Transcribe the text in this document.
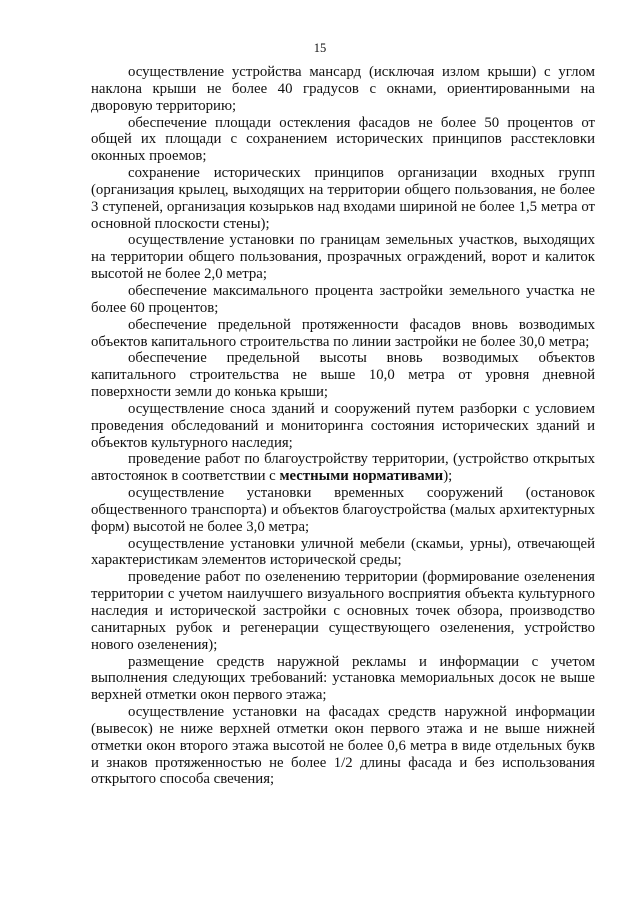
15

осуществление устройства мансард (исключая излом крыши) с углом наклона крыши не более 40 градусов с окнами, ориентированными на дворовую территорию;

обеспечение площади остекления фасадов не более 50 процентов от общей их площади с сохранением исторических принципов расстекловки оконных проемов;

сохранение исторических принципов организации входных групп (организация крылец, выходящих на территории общего пользования, не более 3 ступеней, организация козырьков над входами шириной не более 1,5 метра от основной плоскости стены);

осуществление установки по границам земельных участков, выходящих на территории общего пользования, прозрачных ограждений, ворот и калиток высотой не более 2,0 метра;

обеспечение максимального процента застройки земельного участка не более 60 процентов;

обеспечение предельной протяженности фасадов вновь возводимых объектов капитального строительства по линии застройки не более 30,0 метра;

обеспечение предельной высоты вновь возводимых объектов капитального строительства не выше 10,0 метра от уровня дневной поверхности земли до конька крыши;

осуществление сноса зданий и сооружений путем разборки с условием проведения обследований и мониторинга состояния исторических зданий и объектов культурного наследия;

проведение работ по благоустройству территории, (устройство открытых автостоянок в соответствии с местными нормативами);

осуществление установки временных сооружений (остановок общественного транспорта) и объектов благоустройства (малых архитектурных форм) высотой не более 3,0 метра;

осуществление установки уличной мебели (скамьи, урны), отвечающей характеристикам элементов исторической среды;

проведение работ по озеленению территории (формирование озеленения территории с учетом наилучшего визуального восприятия объекта культурного наследия и исторической застройки с основных точек обзора, производство санитарных рубок и регенерации существующего озеленения, устройство нового озеленения);

размещение средств наружной рекламы и информации с учетом выполнения следующих требований: установка мемориальных досок не выше верхней отметки окон первого этажа;

осуществление установки на фасадах средств наружной информации (вывесок) не ниже верхней отметки окон первого этажа и не выше нижней отметки окон второго этажа высотой не более 0,6 метра в виде отдельных букв и знаков протяженностью не более 1/2 длины фасада и без использования открытого способа свечения;
